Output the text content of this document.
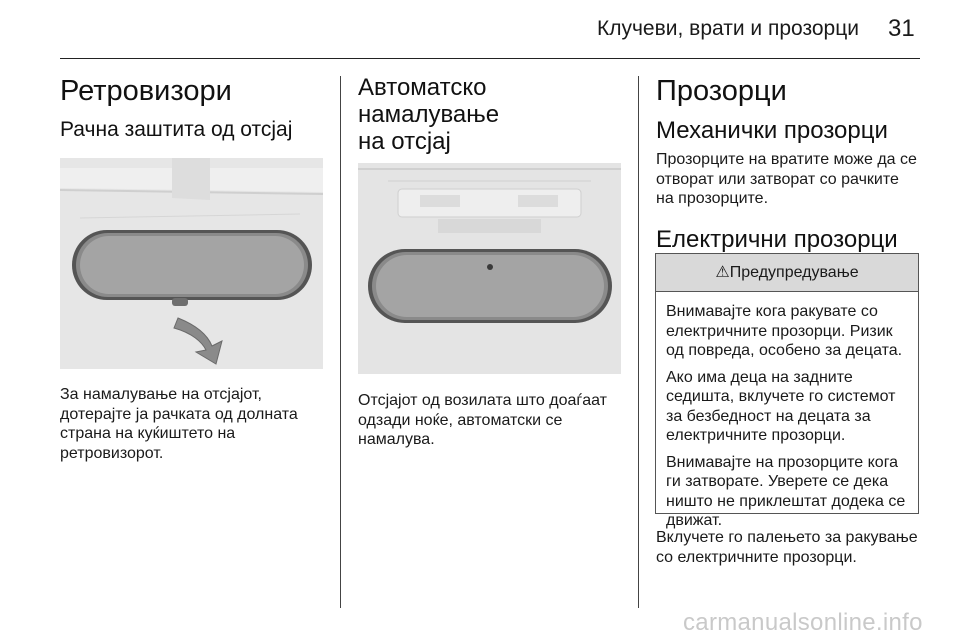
Клучеви, врати и прозорци 31
Ретровизори
Рачна заштита од отсјај

За намалување на отсјајот, дотерајте ја рачката од долната страна на куќиштето на ретровизорот.

Автоматско намалување
на отсјај

Отсјајот од возилата што доаѓаат одзади ноќе, автоматски се намалува.

Прозорци
Механички прозорци

Прозорците на вратите може да се отворат или затворат со рачките на прозорците.

Електрични прозорци
⚠Предупредување

Внимавајте кога ракувате со електричните прозорци. Ризик од повреда, особено за децата.

Ако има деца на задните седишта, вклучете го системот за безбедност на децата за електричните прозорци.

Внимавајте на прозорците кога ги затворате. Уверете се дека ништо не приклештат додека се движат.

Вклучете го палењето за ракување со електричните прозорци.

carmanualsonline.info
